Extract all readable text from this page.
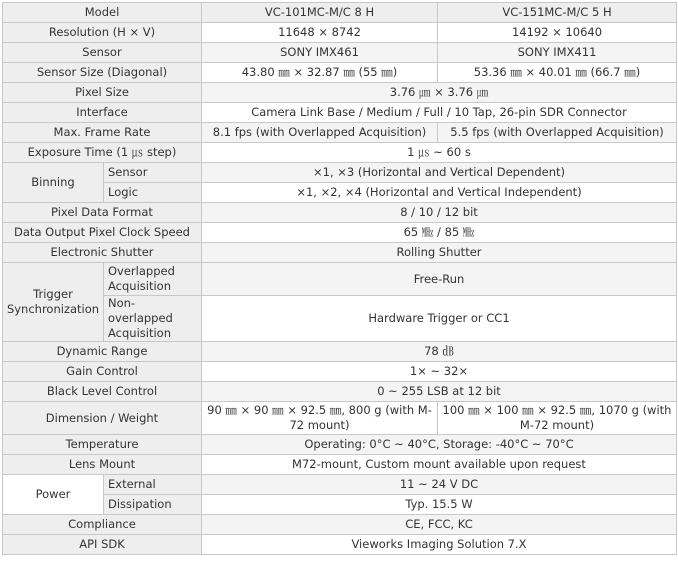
Model		VC-101MC-M/C 8 H	VC-151MC-M/C 5 H
Resolution (H × V)		11648 × 8742	14192 × 10640
Sensor		SONY IMX461	SONY IMX411
Sensor Size (Diagonal)		43.80 ㎜ × 32.87 ㎜ (55 ㎜)	53.36 ㎜ × 40.01 ㎜ (66.7 ㎜)
Pixel Size		3.76 ㎛ × 3.76 ㎛	
Interface		Camera Link Base / Medium / Full / 10 Tap, 26-pin SDR Connector	
Max. Frame Rate		8.1 fps (with Overlapped Acquisition)	5.5 fps (with Overlapped Acquisition)
Exposure Time (1 ㎲ step)		1 ㎲ ~ 60 s	
Binning	Sensor	×1, ×3 (Horizontal and Vertical Dependent)	
	Logic	×1, ×2, ×4 (Horizontal and Vertical Independent)	
Pixel Data Format		8 / 10 / 12 bit	
Data Output Pixel Clock Speed		65 ㎒ / 85 ㎒	
Electronic Shutter		Rolling Shutter	
Trigger Synchronization	Overlapped Acquisition	Free-Run	
	Non-overlapped Acquisition	Hardware Trigger or CC1	
Dynamic Range		78 ㏈	
Gain Control		1× ~ 32×	
Black Level Control		0 ~ 255 LSB at 12 bit	
Dimension / Weight		90 ㎜ × 90 ㎜ × 92.5 ㎜, 800 g (with M-72 mount)	100 ㎜ × 100 ㎜ × 92.5 ㎜, 1070 g (with M-72 mount)
Temperature		Operating: 0°C ~ 40°C, Storage: -40°C ~ 70°C	
Lens Mount		M72-mount, Custom mount available upon request	
Power	External	11 ~ 24 V DC	
	Dissipation	Typ. 15.5 W	
Compliance		CE, FCC, KC	
API SDK		Vieworks Imaging Solution 7.X	
